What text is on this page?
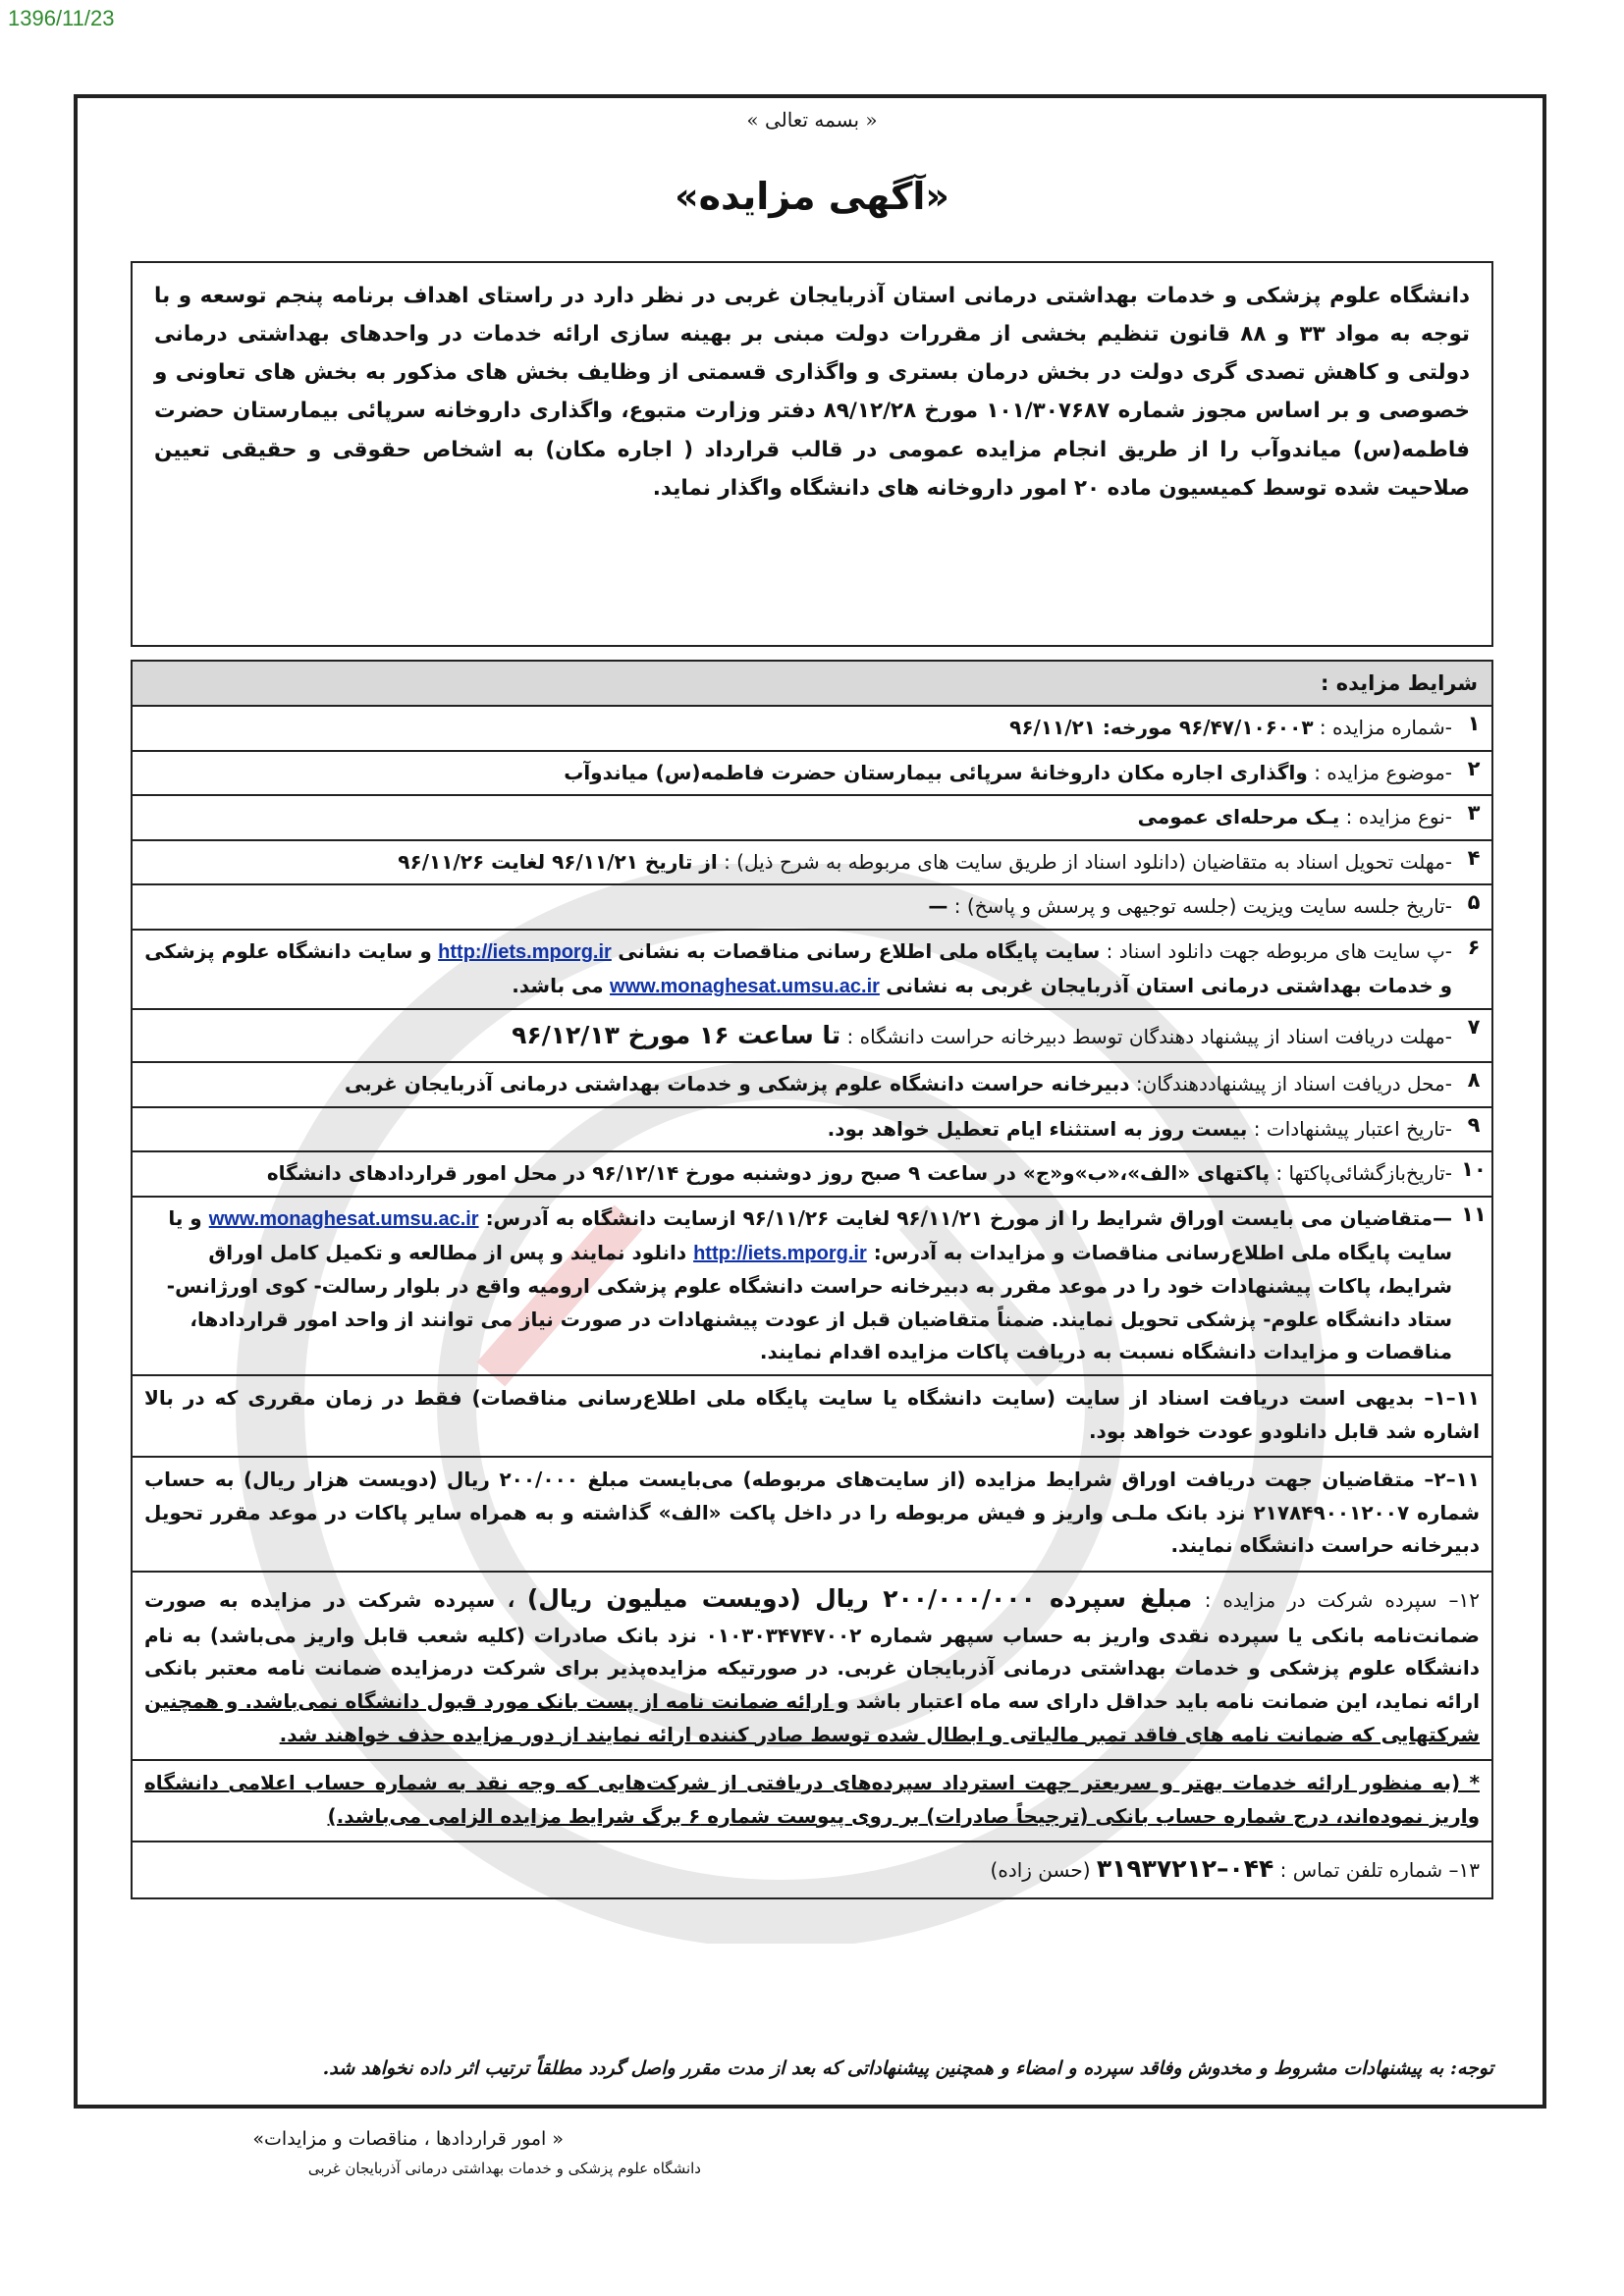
1396/11/23
« بسمه تعالی »
«آگهی مزایده»
دانشگاه علوم پزشکی و خدمات بهداشتی درمانی استان آذربایجان غربی در نظر دارد در راستای اهداف برنامه پنجم توسعه و با توجه به مواد ۳۳ و ۸۸ قانون تنظیم بخشی از مقررات دولت مبنی بر بهینه سازی ارائه خدمات در واحدهای بهداشتی درمانی دولتی و کاهش تصدی گری دولت در بخش درمان بستری و واگذاری قسمتی از وظایف بخش های مذکور به بخش های تعاونی و خصوصی و بر اساس مجوز شماره ۱۰۱/۳۰۷۶۸۷ مورخ ۸۹/۱۲/۲۸ دفتر وزارت متبوع، واگذاری داروخانه سرپائی بیمارستان حضرت فاطمه(س) میاندوآب را از طریق انجام مزایده عمومی در قالب قرارداد ( اجاره مکان) به اشخاص حقوقی و حقیقی تعیین صلاحیت شده توسط کمیسیون ماده ۲۰ امور داروخانه های دانشگاه واگذار نماید.
شرایط مزایده :
۱
-شماره مزایده : ۹۶/۴۷/۱۰۶۰۰۳ مورخه: ۹۶/۱۱/۲۱
۲
-موضوع مزایده : واگذاری اجاره مکان داروخانۀ سرپائی بیمارستان حضرت فاطمه(س) میاندوآب
۳
-نوع مزایده : یـک مرحله‌ای عمومی
۴
-مهلت تحویل اسناد به متقاضیان (دانلود اسناد از طریق سایت های مربوطه به شرح ذیل) : از تاریخ ۹۶/۱۱/۲۱ لغایت ۹۶/۱۱/۲۶
۵
-تاریخ جلسه سایت ویزیت (جلسه توجیهی و پرسش و پاسخ) : —
۶
-پ سایت های مربوطه جهت دانلود اسناد : سایت پایگاه ملی اطلاع رسانی مناقصات به نشانی http://iets.mporg.ir و سایت دانشگاه علوم پزشکی و خدمات بهداشتی درمانی استان آذربایجان غربی به نشانی www.monaghesat.umsu.ac.ir می باشد.
۷
-مهلت دریافت اسناد از پیشنهاد دهندگان توسط دبیرخانه حراست دانشگاه : تا ساعت ۱۶ مورخ ۹۶/۱۲/۱۳
۸
-محل دریافت اسناد از پیشنهاددهندگان: دبیرخانه حراست دانشگاه علوم پزشکی و خدمات بهداشتی درمانی آذربایجان غربی
۹
-تاریخ اعتبار پیشنهادات : بیست روز به استثناء ایام تعطیل خواهد بود.
۱۰
-تاریخ‌بازگشائی‌پاکتها : پاکتهای «الف»،«ب»و«ج» در ساعت ۹ صبح روز دوشنبه مورخ ۹۶/۱۲/۱۴ در محل امور قراردادهای دانشگاه
۱۱
—متقاضیان می بایست اوراق شرایط را از مورخ ۹۶/۱۱/۲۱ لغایت ۹۶/۱۱/۲۶ ازسایت دانشگاه به آدرس: www.monaghesat.umsu.ac.ir و یا سایت پایگاه ملی اطلاع‌رسانی مناقصات و مزایدات به آدرس: http://iets.mporg.ir دانلود نمایند و پس از مطالعه و تکمیل کامل اوراق شرایط، پاکات پیشنهادات خود را در موعد مقرر به دبیرخانه حراست دانشگاه علوم پزشکی ارومیه واقع در بلوار رسالت- کوی اورژانس- ستاد دانشگاه علوم- پزشکی تحویل نمایند. ضمناً متقاضیان قبل از عودت پیشنهادات در صورت نیاز می توانند از واحد امور قراردادها، مناقصات و مزایدات دانشگاه نسبت به دریافت پاکات مزایده اقدام نمایند.
۱۱–۱– بدیهی است دریافت اسناد از سایت (سایت دانشگاه یا سایت پایگاه ملی اطلاع‌رسانی مناقصات) فقط در زمان مقرری که در بالا اشاره شد قابل دانلودو عودت خواهد بود.
۱۱–۲– متقاضیان جهت دریافت اوراق شرایط مزایده (از سایت‌های مربوطه) می‌بایست مبلغ ۲۰۰/۰۰۰ ریال (دویست هزار ریال) به حساب شماره ۲۱۷۸۴۹۰۰۱۲۰۰۷ نزد بانک ملـی واریز و فیش مربوطه را در داخل پاکت «الف» گذاشته و به همراه سایر پاکات در موعد مقرر تحویل دبیرخانه حراست دانشگاه نمایند.
۱۲– سپرده شرکت در مزایده : مبلغ سپرده ۲۰۰/۰۰۰/۰۰۰ ریال (دویست میلیون ریال) ، سپرده شرکت در مزایده به صورت ضمانت‌نامه بانکی یا سپرده نقدی واریز به حساب سپهر شماره ۰۱۰۳۰۳۴۷۴۷۰۰۲ نزد بانک صادرات (کلیه شعب قابل واریز می‌باشد) به نام دانشگاه علوم پزشکی و خدمات بهداشتی درمانی آذربایجان غربی. در صورتیکه مزایده‌پذیر برای شرکت درمزایده ضمانت نامه معتبر بانکی ارائه نماید، این ضمانت نامه باید حداقل دارای سه ماه اعتبار باشد و ارائه ضمانت نامه از پست بانک مورد قبول دانشگاه نمی‌باشد. و همچنین شرکتهایی که ضمانت نامه های فاقد تمبر مالیاتی و ابطال شده توسط صادر کننده ارائه نمایند از دور مزایده حذف خواهند شد.
* (به منظور ارائه خدمات بهتر و سریعتر جهت استرداد سپرده‌های دریافتی از شرکت‌هایی که وجه نقد به شماره حساب اعلامی دانشگاه واریز نموده‌اند، درج شماره حساب بانکی (ترجیحاً صادرات) بر روی پیوست شماره ۶ برگ شرایط مزایده الزامی می‌باشد.)
۱۳– شماره تلفن تماس : ۰۴۴–۳۱۹۳۷۲۱۲ (حسن زاده)
توجه: به پیشنهادات مشروط و مخدوش وفاقد سپرده و امضاء و همچنین پیشنهاداتی که بعد از مدت مقرر واصل گردد مطلقاً ترتیب اثر داده نخواهد شد.
« امور قراردادها ، مناقصات و مزایدات»
دانشگاه علوم پزشکی و خدمات بهداشتی درمانی آذربایجان غربی
